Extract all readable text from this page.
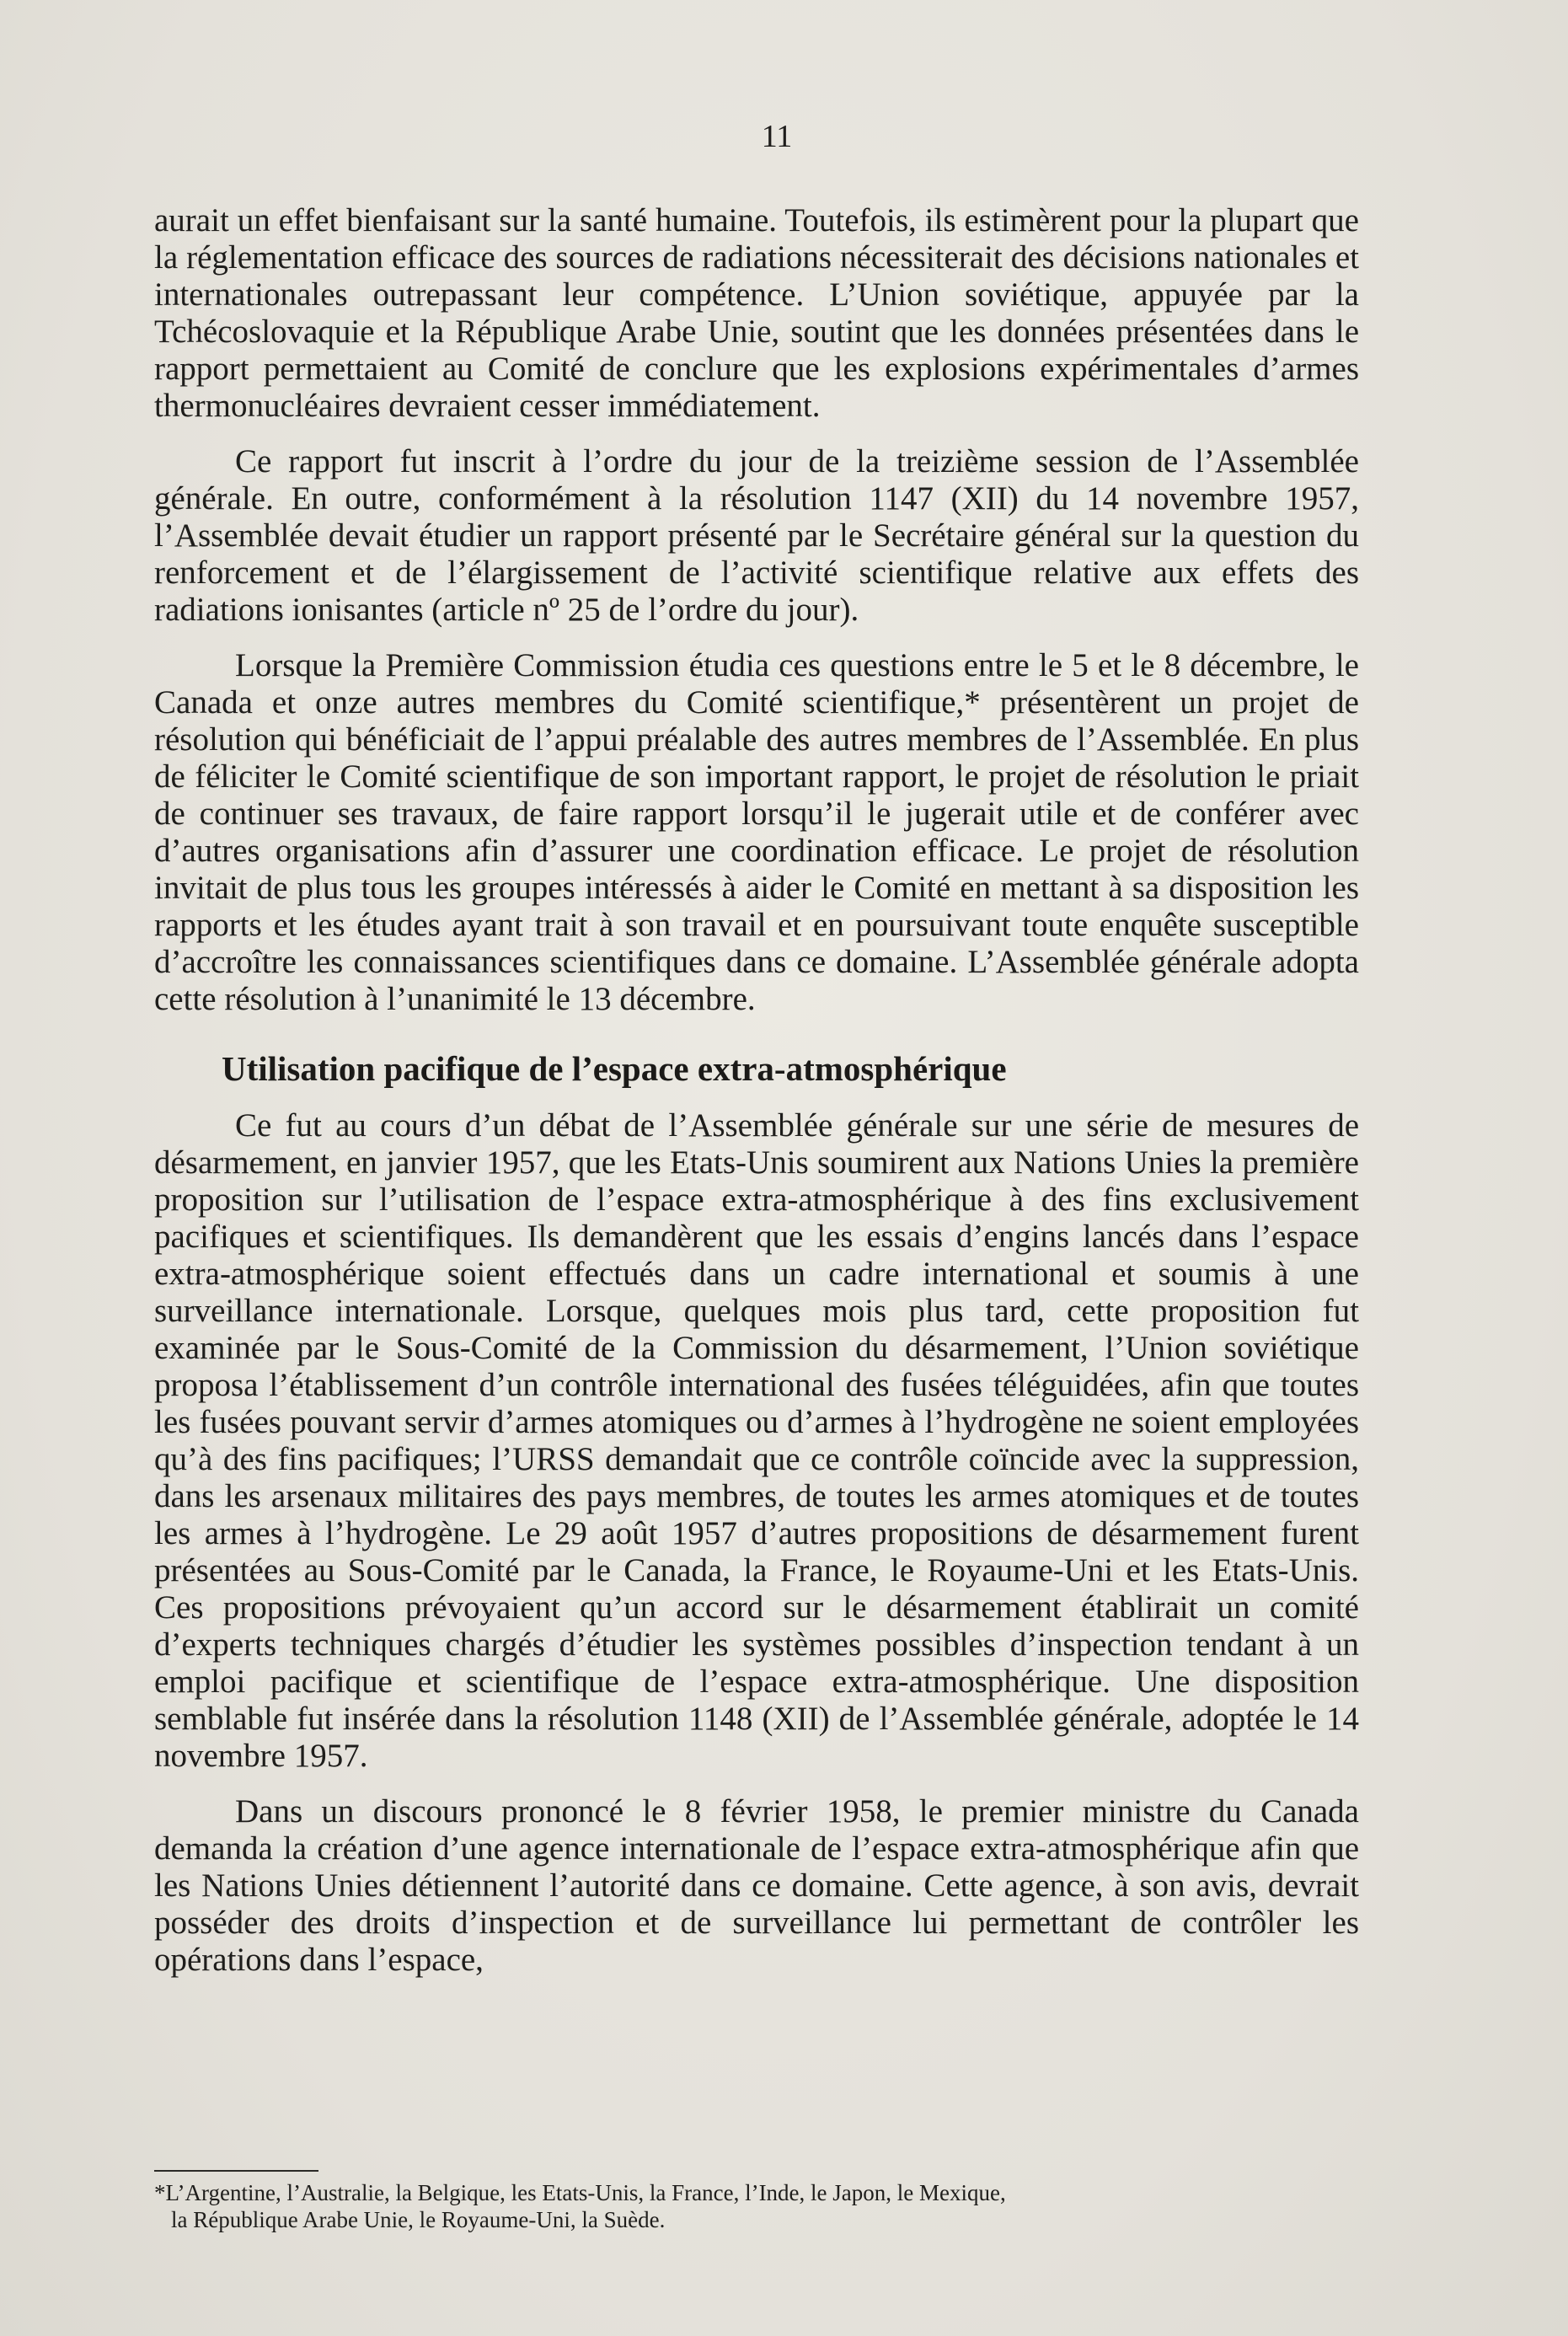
11

aurait un effet bienfaisant sur la santé humaine. Toutefois, ils estimèrent pour la plupart que la réglementation efficace des sources de radiations nécessiterait des décisions nationales et internationales outrepassant leur compétence. L’Union soviétique, appuyée par la Tchécoslovaquie et la République Arabe Unie, soutint que les données présentées dans le rapport permettaient au Comité de conclure que les explosions expérimentales d’armes thermonucléaires devraient cesser immédiatement.

Ce rapport fut inscrit à l’ordre du jour de la treizième session de l’Assemblée générale. En outre, conformément à la résolution 1147 (XII) du 14 novembre 1957, l’Assemblée devait étudier un rapport présenté par le Secrétaire général sur la question du renforcement et de l’élargissement de l’activité scientifique relative aux effets des radiations ionisantes (article nº 25 de l’ordre du jour).

Lorsque la Première Commission étudia ces questions entre le 5 et le 8 décembre, le Canada et onze autres membres du Comité scientifique,* présentèrent un projet de résolution qui bénéficiait de l’appui préalable des autres membres de l’Assemblée. En plus de féliciter le Comité scientifique de son important rapport, le projet de résolution le priait de continuer ses travaux, de faire rapport lorsqu’il le jugerait utile et de conférer avec d’autres organisations afin d’assurer une coordination efficace. Le projet de résolution invitait de plus tous les groupes intéressés à aider le Comité en mettant à sa disposition les rapports et les études ayant trait à son travail et en poursuivant toute enquête susceptible d’accroître les connaissances scientifiques dans ce domaine. L’Assemblée générale adopta cette résolution à l’unanimité le 13 décembre.

Utilisation pacifique de l’espace extra-atmosphérique

Ce fut au cours d’un débat de l’Assemblée générale sur une série de mesures de désarmement, en janvier 1957, que les Etats-Unis soumirent aux Nations Unies la première proposition sur l’utilisation de l’espace extra-atmosphérique à des fins exclusivement pacifiques et scientifiques. Ils demandèrent que les essais d’engins lancés dans l’espace extra-atmosphérique soient effectués dans un cadre international et soumis à une surveillance internationale. Lorsque, quelques mois plus tard, cette proposition fut examinée par le Sous-Comité de la Commission du désarmement, l’Union soviétique proposa l’établissement d’un contrôle international des fusées téléguidées, afin que toutes les fusées pouvant servir d’armes atomiques ou d’armes à l’hydrogène ne soient employées qu’à des fins pacifiques; l’URSS demandait que ce contrôle coïncide avec la suppression, dans les arsenaux militaires des pays membres, de toutes les armes atomiques et de toutes les armes à l’hydrogène. Le 29 août 1957 d’autres propositions de désarmement furent présentées au Sous-Comité par le Canada, la France, le Royaume-Uni et les Etats-Unis. Ces propositions prévoyaient qu’un accord sur le désarmement établirait un comité d’experts techniques chargés d’étudier les systèmes possibles d’inspection tendant à un emploi pacifique et scientifique de l’espace extra-atmosphérique. Une disposition semblable fut insérée dans la résolution 1148 (XII) de l’Assemblée générale, adoptée le 14 novembre 1957.

Dans un discours prononcé le 8 février 1958, le premier ministre du Canada demanda la création d’une agence internationale de l’espace extra-atmosphérique afin que les Nations Unies détiennent l’autorité dans ce domaine. Cette agence, à son avis, devrait posséder des droits d’inspection et de surveillance lui permettant de contrôler les opérations dans l’espace,

*L’Argentine, l’Australie, la Belgique, les Etats-Unis, la France, l’Inde, le Japon, le Mexique,
la République Arabe Unie, le Royaume-Uni, la Suède.
